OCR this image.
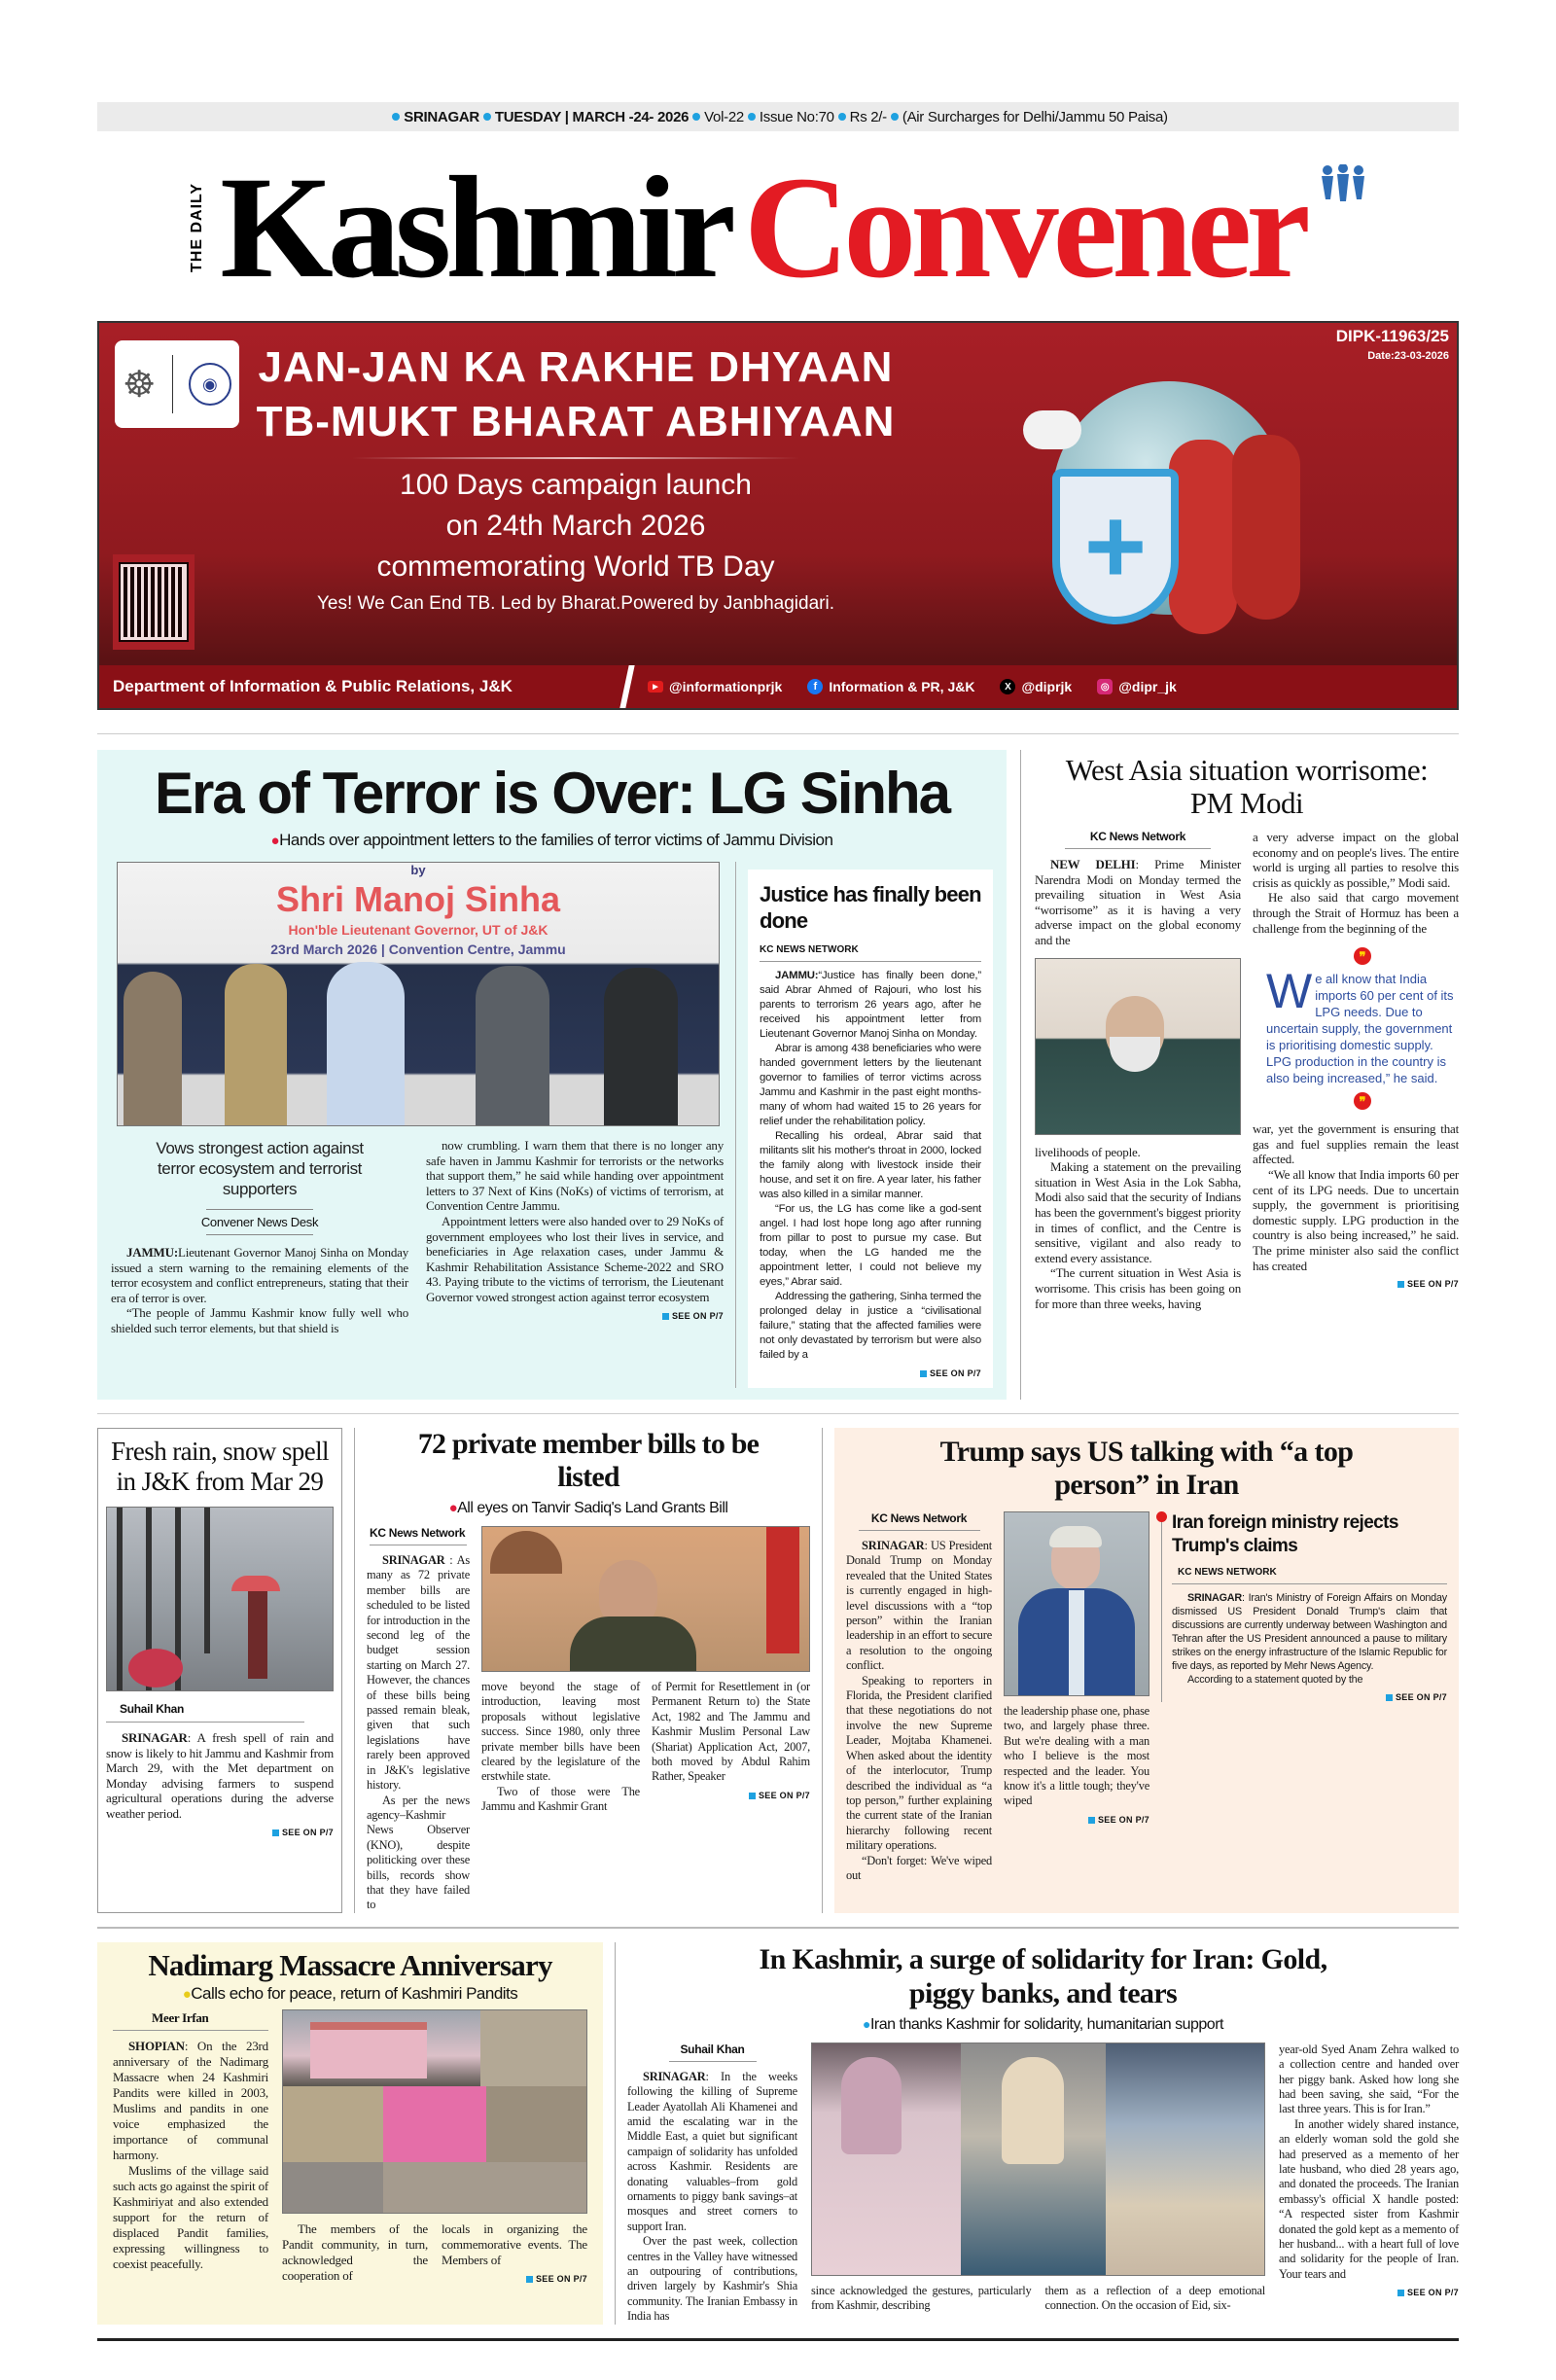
SRINAGAR TUESDAY | MARCH -24- 2026 Vol-22 Issue No:70 Rs 2/- (Air Surcharges for Delhi/Jammu 50 Paisa)
THE DAILY Kashmir Convener
☸	◉
DIPK-11963/25
Date:23-03-2026
JAN-JAN KA RAKHE DHYAAN
TB-MUKT BHARAT ABHIYAAN
100 Days campaign launch
on 24th March 2026
commemorating World TB Day
Yes! We Can End TB. Led by Bharat.Powered by Janbhagidari.	+
Department of Information & Public Relations, J&K	▶ @informationprjk	f Information & PR, J&K	X @diprjk	◎ @dipr_jk
Era of Terror is Over: LG Sinha
●Hands over appointment letters to the families of terror victims of Jammu Division
by
Shri Manoj Sinha
Hon'ble Lieutenant Governor, UT of J&K
23rd March 2026 | Convention Centre, Jammu
Vows strongest action against terror ecosystem and terrorist supporters
Convener News Desk

JAMMU:Lieutenant Governor Manoj Sinha on Monday issued a stern warning to the remaining elements of the terror ecosystem and conflict entrepreneurs, stating that their era of terror is over.

“The people of Jammu Kashmir know fully well who shielded such terror elements, but that shield is

now crumbling. I warn them that there is no longer any safe haven in Jammu Kashmir for terrorists or the networks that support them,” he said while handing over appointment letters to 37 Next of Kins (NoKs) of victims of terrorism, at Convention Centre Jammu.

Appointment letters were also handed over to 29 NoKs of government employees who lost their lives in service, and beneficiaries in Age relaxation cases, under Jammu & Kashmir Rehabilitation Assistance Scheme-2022 and SRO 43. Paying tribute to the victims of terrorism, the Lieutenant Governor vowed strongest action against terror ecosystem

SEE ON P/7
Justice has finally been done
KC NEWS NETWORK

JAMMU:“Justice has finally been done,” said Abrar Ahmed of Rajouri, who lost his parents to terrorism 26 years ago, after he received his appointment letter from Lieutenant Governor Manoj Sinha on Monday.

Abrar is among 438 beneficiaries who were handed government letters by the lieutenant governor to families of terror victims across Jammu and Kashmir in the past eight months-many of whom had waited 15 to 26 years for relief under the rehabilitation policy.

Recalling his ordeal, Abrar said that militants slit his mother's throat in 2000, locked the family along with livestock inside their house, and set it on fire. A year later, his father was also killed in a similar manner.

“For us, the LG has come like a god-sent angel. I had lost hope long ago after running from pillar to post to pursue my case. But today, when the LG handed me the appointment letter, I could not believe my eyes,” Abrar said.

Addressing the gathering, Sinha termed the prolonged delay in justice a “civilisational failure,” stating that the affected families were not only devastated by terrorism but were also failed by a

SEE ON P/7
West Asia situation worrisome: PM Modi
KC News Network

NEW DELHI: Prime Minister Narendra Modi on Monday termed the prevailing situation in West Asia “worrisome” as it is having a very adverse impact on the global economy and the

livelihoods of people.

Making a statement on the prevailing situation in West Asia in the Lok Sabha, Modi also said that the security of Indians has been the government's biggest priority in times of conflict, and the Centre is sensitive, vigilant and also ready to extend every assistance.

“The current situation in West Asia is worrisome. This crisis has been going on for more than three weeks, having

a very adverse impact on the global economy and on people's lives. The entire world is urging all parties to resolve this crisis as quickly as possible,” Modi said.

He also said that cargo movement through the Strait of Hormuz has been a challenge from the beginning of the

❞
We all know that India imports 60 per cent of its LPG needs. Due to uncertain supply, the government is prioritising domestic supply. LPG production in the country is also being increased,” he said.
❞

war, yet the government is ensuring that gas and fuel supplies remain the least affected.

“We all know that India imports 60 per cent of its LPG needs. Due to uncertain supply, the government is prioritising domestic supply. LPG production in the country is also being increased,” he said. The prime minister also said the conflict has created

SEE ON P/7
Fresh rain, snow spell in J&K from Mar 29
Suhail Khan

SRINAGAR: A fresh spell of rain and snow is likely to hit Jammu and Kashmir from March 29, with the Met department on Monday advising farmers to suspend agricultural operations during the adverse weather period.

SEE ON P/7
72 private member bills to be listed
●All eyes on Tanvir Sadiq's Land Grants Bill
KC News Network

SRINAGAR : As many as 72 private member bills are scheduled to be listed for introduction in the second leg of the budget session starting on March 27. However, the chances of these bills being passed remain bleak, given that such legislations have rarely been approved in J&K's legislative history.

As per the news agency–Kashmir News Observer (KNO), despite politicking over these bills, records show that they have failed to

move beyond the stage of introduction, leaving most proposals without legislative success. Since 1980, only three private member bills have been cleared by the legislature of the erstwhile state.

Two of those were The Jammu and Kashmir Grant

of Permit for Resettlement in (or Permanent Return to) the State Act, 1982 and The Jammu and Kashmir Muslim Personal Law (Shariat) Application Act, 2007, both moved by Abdul Rahim Rather, Speaker

SEE ON P/7
Trump says US talking with “a top person” in Iran
KC News Network

SRINAGAR: US President Donald Trump on Monday revealed that the United States is currently engaged in high-level discussions with a “top person” within the Iranian leadership in an effort to secure a resolution to the ongoing conflict.

Speaking to reporters in Florida, the President clarified that these negotiations do not involve the new Supreme Leader, Mojtaba Khamenei. When asked about the identity of the interlocutor, Trump described the individual as “a top person,” further explaining the current state of the Iranian hierarchy following recent military operations.

“Don't forget: We've wiped out

the leadership phase one, phase two, and largely phase three. But we're dealing with a man who I believe is the most respected and the leader. You know it's a little tough; they've wiped

SEE ON P/7
Iran foreign ministry rejects Trump's claims
KC NEWS NETWORK

SRINAGAR: Iran's Ministry of Foreign Affairs on Monday dismissed US President Donald Trump's claim that discussions are currently underway between Washington and Tehran after the US President announced a pause to military strikes on the energy infrastructure of the Islamic Republic for five days, as reported by Mehr News Agency.

According to a statement quoted by the

SEE ON P/7
Nadimarg Massacre Anniversary
●Calls echo for peace, return of Kashmiri Pandits
Meer Irfan

SHOPIAN: On the 23rd anniversary of the Nadimarg Massacre when 24 Kashmiri Pandits were killed in 2003, Muslims and pandits in one voice emphasized the importance of communal harmony.

Muslims of the village said such acts go against the spirit of Kashmiriyat and also extended support for the return of displaced Pandit families, expressing willingness to coexist peacefully.

The members of the Pandit community, in turn, acknowledged the cooperation of

locals in organizing the commemorative events. The Members of

SEE ON P/7
In Kashmir, a surge of solidarity for Iran: Gold, piggy banks, and tears
●Iran thanks Kashmir for solidarity, humanitarian support
Suhail Khan

SRINAGAR: In the weeks following the killing of Supreme Leader Ayatollah Ali Khamenei and amid the escalating war in the Middle East, a quiet but significant campaign of solidarity has unfolded across Kashmir. Residents are donating valuables–from gold ornaments to piggy bank savings–at mosques and street corners to support Iran.

Over the past week, collection centres in the Valley have witnessed an outpouring of contributions, driven largely by Kashmir's Shia community. The Iranian Embassy in India has

since acknowledged the gestures, particularly from Kashmir, describing

them as a reflection of a deep emotional connection. On the occasion of Eid, six-

year-old Syed Anam Zehra walked to a collection centre and handed over her piggy bank. Asked how long she had been saving, she said, “For the last three years. This is for Iran.”

In another widely shared instance, an elderly woman sold the gold she had preserved as a memento of her late husband, who died 28 years ago, and donated the proceeds. The Iranian embassy's official X handle posted: “A respected sister from Kashmir donated the gold kept as a memento of her husband... with a heart full of love and solidarity for the people of Iran. Your tears and

SEE ON P/7
